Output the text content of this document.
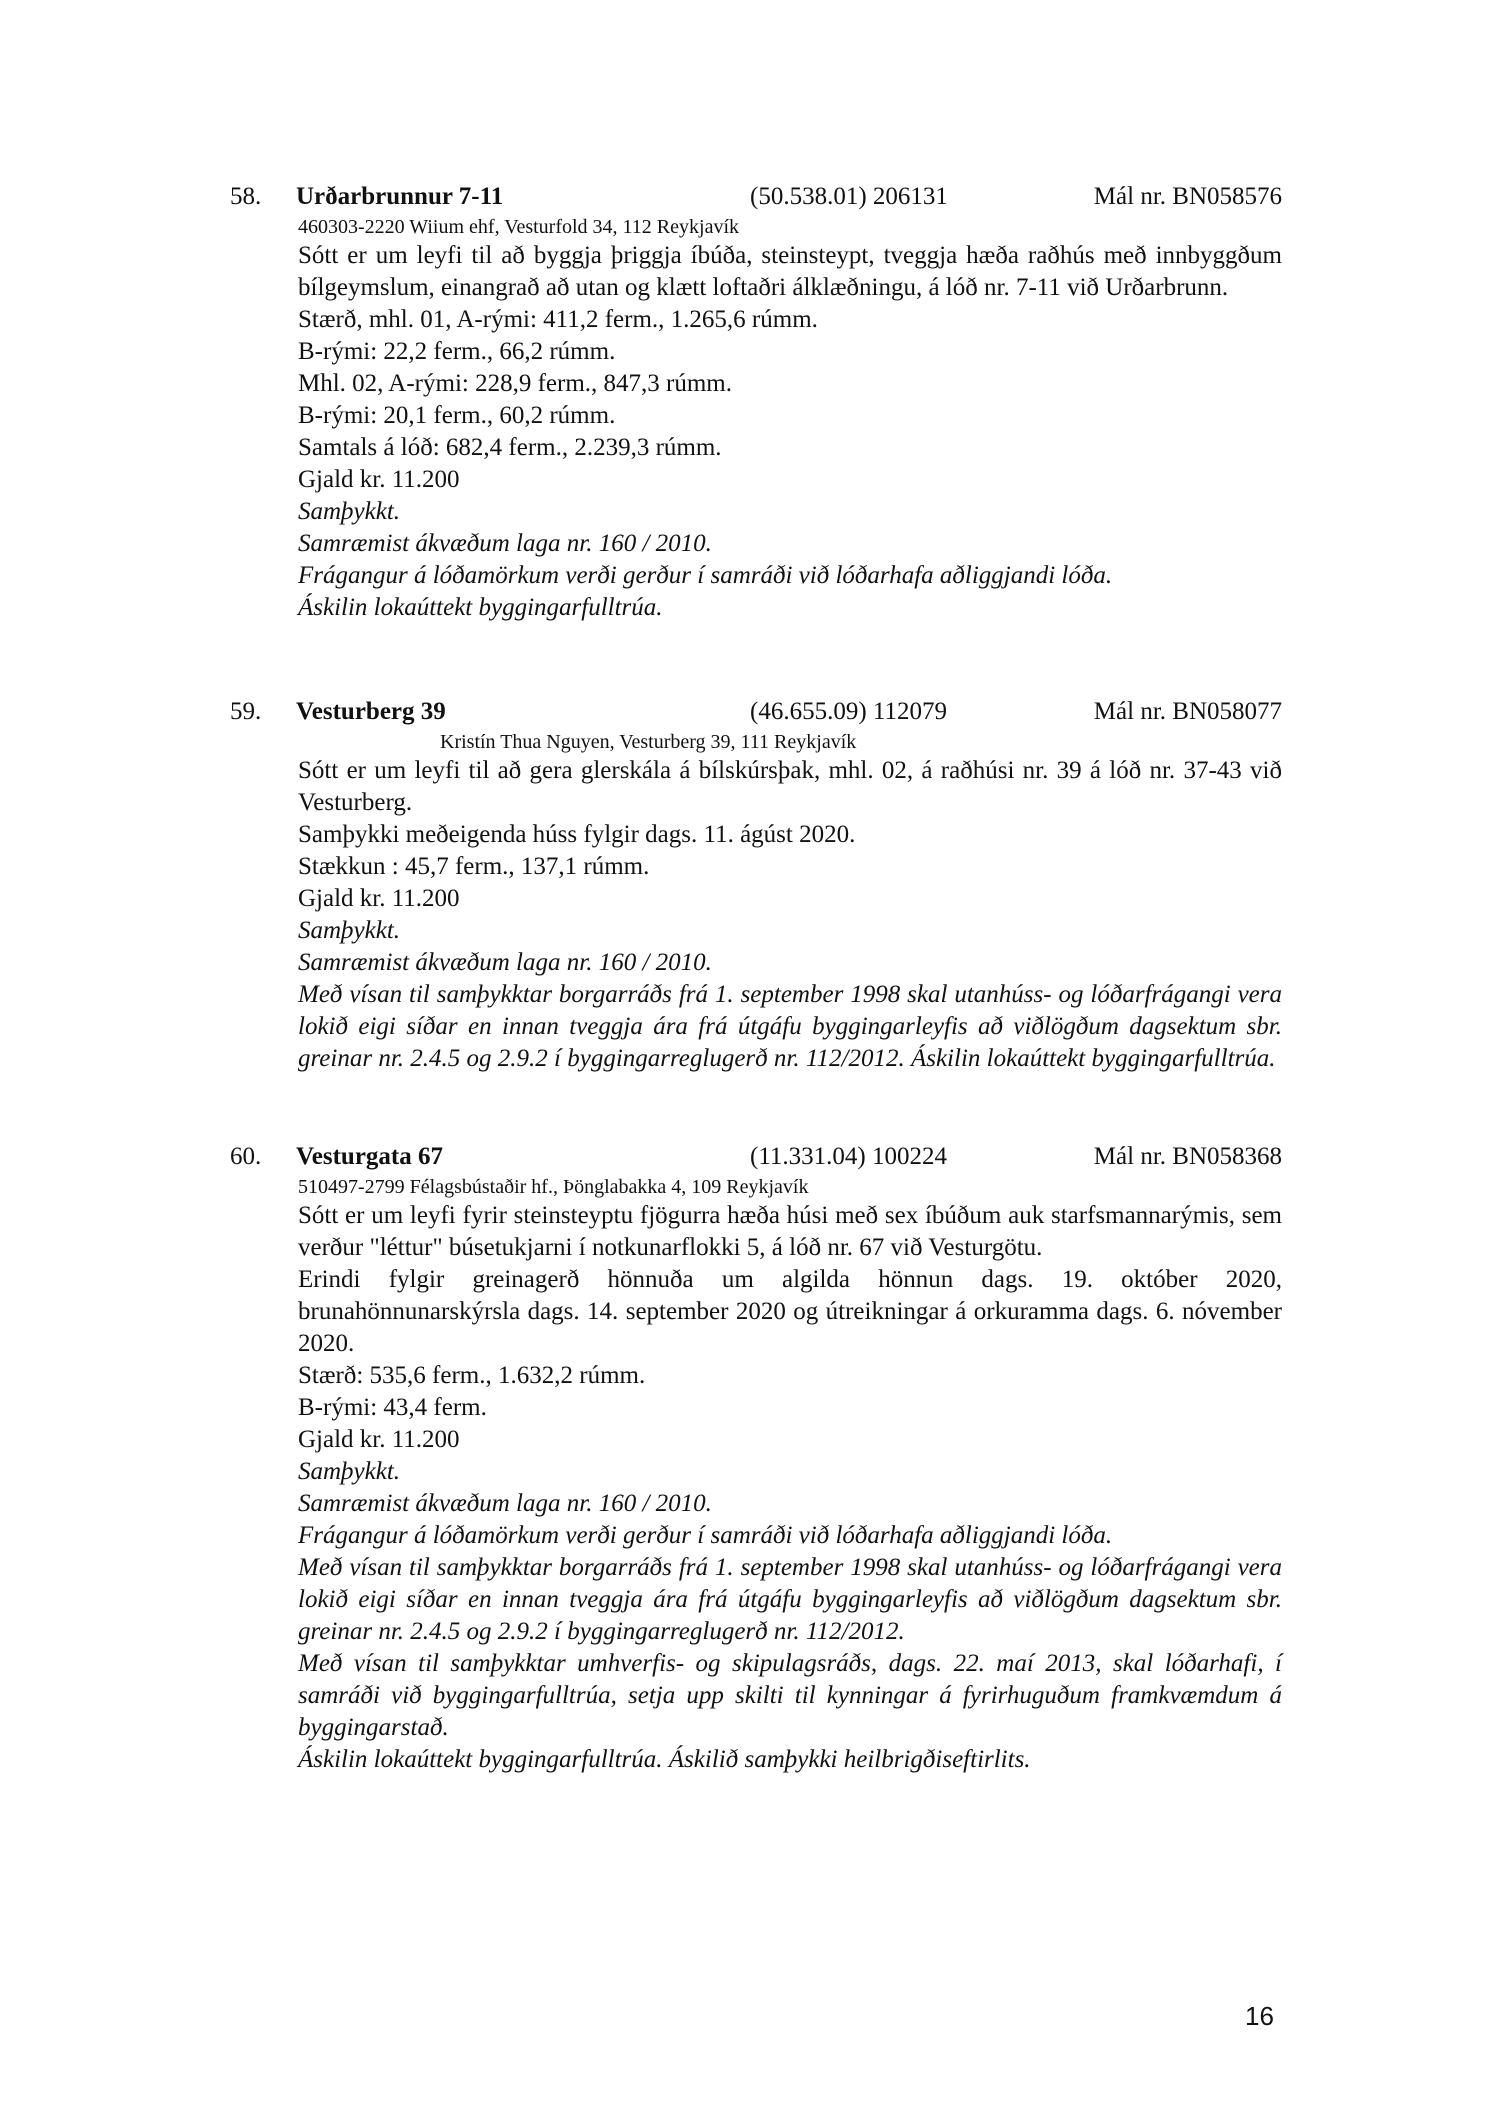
58. Urðarbrunnur 7-11	(50.538.01) 206131	Mál nr. BN058576
460303-2220 Wiium ehf, Vesturfold 34, 112 Reykjavík

Sótt er um leyfi til að byggja þriggja íbúða, steinsteypt, tveggja hæða raðhús með innbyggðum bílgeymslum, einangrað að utan og klætt loftaðri álklæðningu, á lóð nr. 7-11 við Urðarbrunn.

Stærð, mhl. 01, A-rými: 411,2 ferm., 1.265,6 rúmm.

B-rými: 22,2 ferm., 66,2 rúmm.

Mhl. 02, A-rými: 228,9 ferm., 847,3 rúmm.

B-rými: 20,1 ferm., 60,2 rúmm.

Samtals á lóð: 682,4 ferm., 2.239,3 rúmm.

Gjald kr. 11.200

Samþykkt.

Samræmist ákvæðum laga nr. 160 / 2010.

Frágangur á lóðamörkum verði gerður í samráði við lóðarhafa aðliggjandi lóða.

Áskilin lokaúttekt byggingarfulltrúa.

59. Vesturberg 39	(46.655.09) 112079	Mál nr. BN058077
Kristín Thua Nguyen, Vesturberg 39, 111 Reykjavík

Sótt er um leyfi til að gera glerskála á bílskúrsþak, mhl. 02, á raðhúsi nr. 39 á lóð nr. 37-43 við Vesturberg.

Samþykki meðeigenda húss fylgir dags. 11. ágúst 2020.

Stækkun : 45,7 ferm., 137,1 rúmm.

Gjald kr. 11.200

Samþykkt.

Samræmist ákvæðum laga nr. 160 / 2010.

Með vísan til samþykktar borgarráðs frá 1. september 1998 skal utanhúss- og lóðarfrágangi vera lokið eigi síðar en innan tveggja ára frá útgáfu byggingarleyfis að viðlögðum dagsektum sbr. greinar nr. 2.4.5 og 2.9.2 í byggingarreglugerð nr. 112/2012. Áskilin lokaúttekt byggingarfulltrúa.

60. Vesturgata 67	(11.331.04) 100224	Mál nr. BN058368
510497-2799 Félagsbústaðir hf., Þönglabakka 4, 109 Reykjavík

Sótt er um leyfi fyrir steinsteyptu fjögurra hæða húsi með sex íbúðum auk starfsmannarýmis, sem verður "léttur" búsetukjarni í notkunarflokki 5, á lóð nr. 67 við Vesturgötu.

Erindi fylgir greinagerð hönnuða um algilda hönnun dags. 19. október 2020, brunahönnunarskýrsla dags. 14. september 2020 og útreikningar á orkuramma dags. 6. nóvember 2020.

Stærð: 535,6 ferm., 1.632,2 rúmm.

B-rými: 43,4 ferm.

Gjald kr. 11.200

Samþykkt.

Samræmist ákvæðum laga nr. 160 / 2010.

Frágangur á lóðamörkum verði gerður í samráði við lóðarhafa aðliggjandi lóða.

Með vísan til samþykktar borgarráðs frá 1. september 1998 skal utanhúss- og lóðarfrágangi vera lokið eigi síðar en innan tveggja ára frá útgáfu byggingarleyfis að viðlögðum dagsektum sbr. greinar nr. 2.4.5 og 2.9.2 í byggingarreglugerð nr. 112/2012.

Með vísan til samþykktar umhverfis- og skipulagsráðs, dags. 22. maí 2013, skal lóðarhafi, í samráði við byggingarfulltrúa, setja upp skilti til kynningar á fyrirhuguðum framkvæmdum á byggingarstað.

Áskilin lokaúttekt byggingarfulltrúa. Áskilið samþykki heilbrigðiseftirlits.

16
